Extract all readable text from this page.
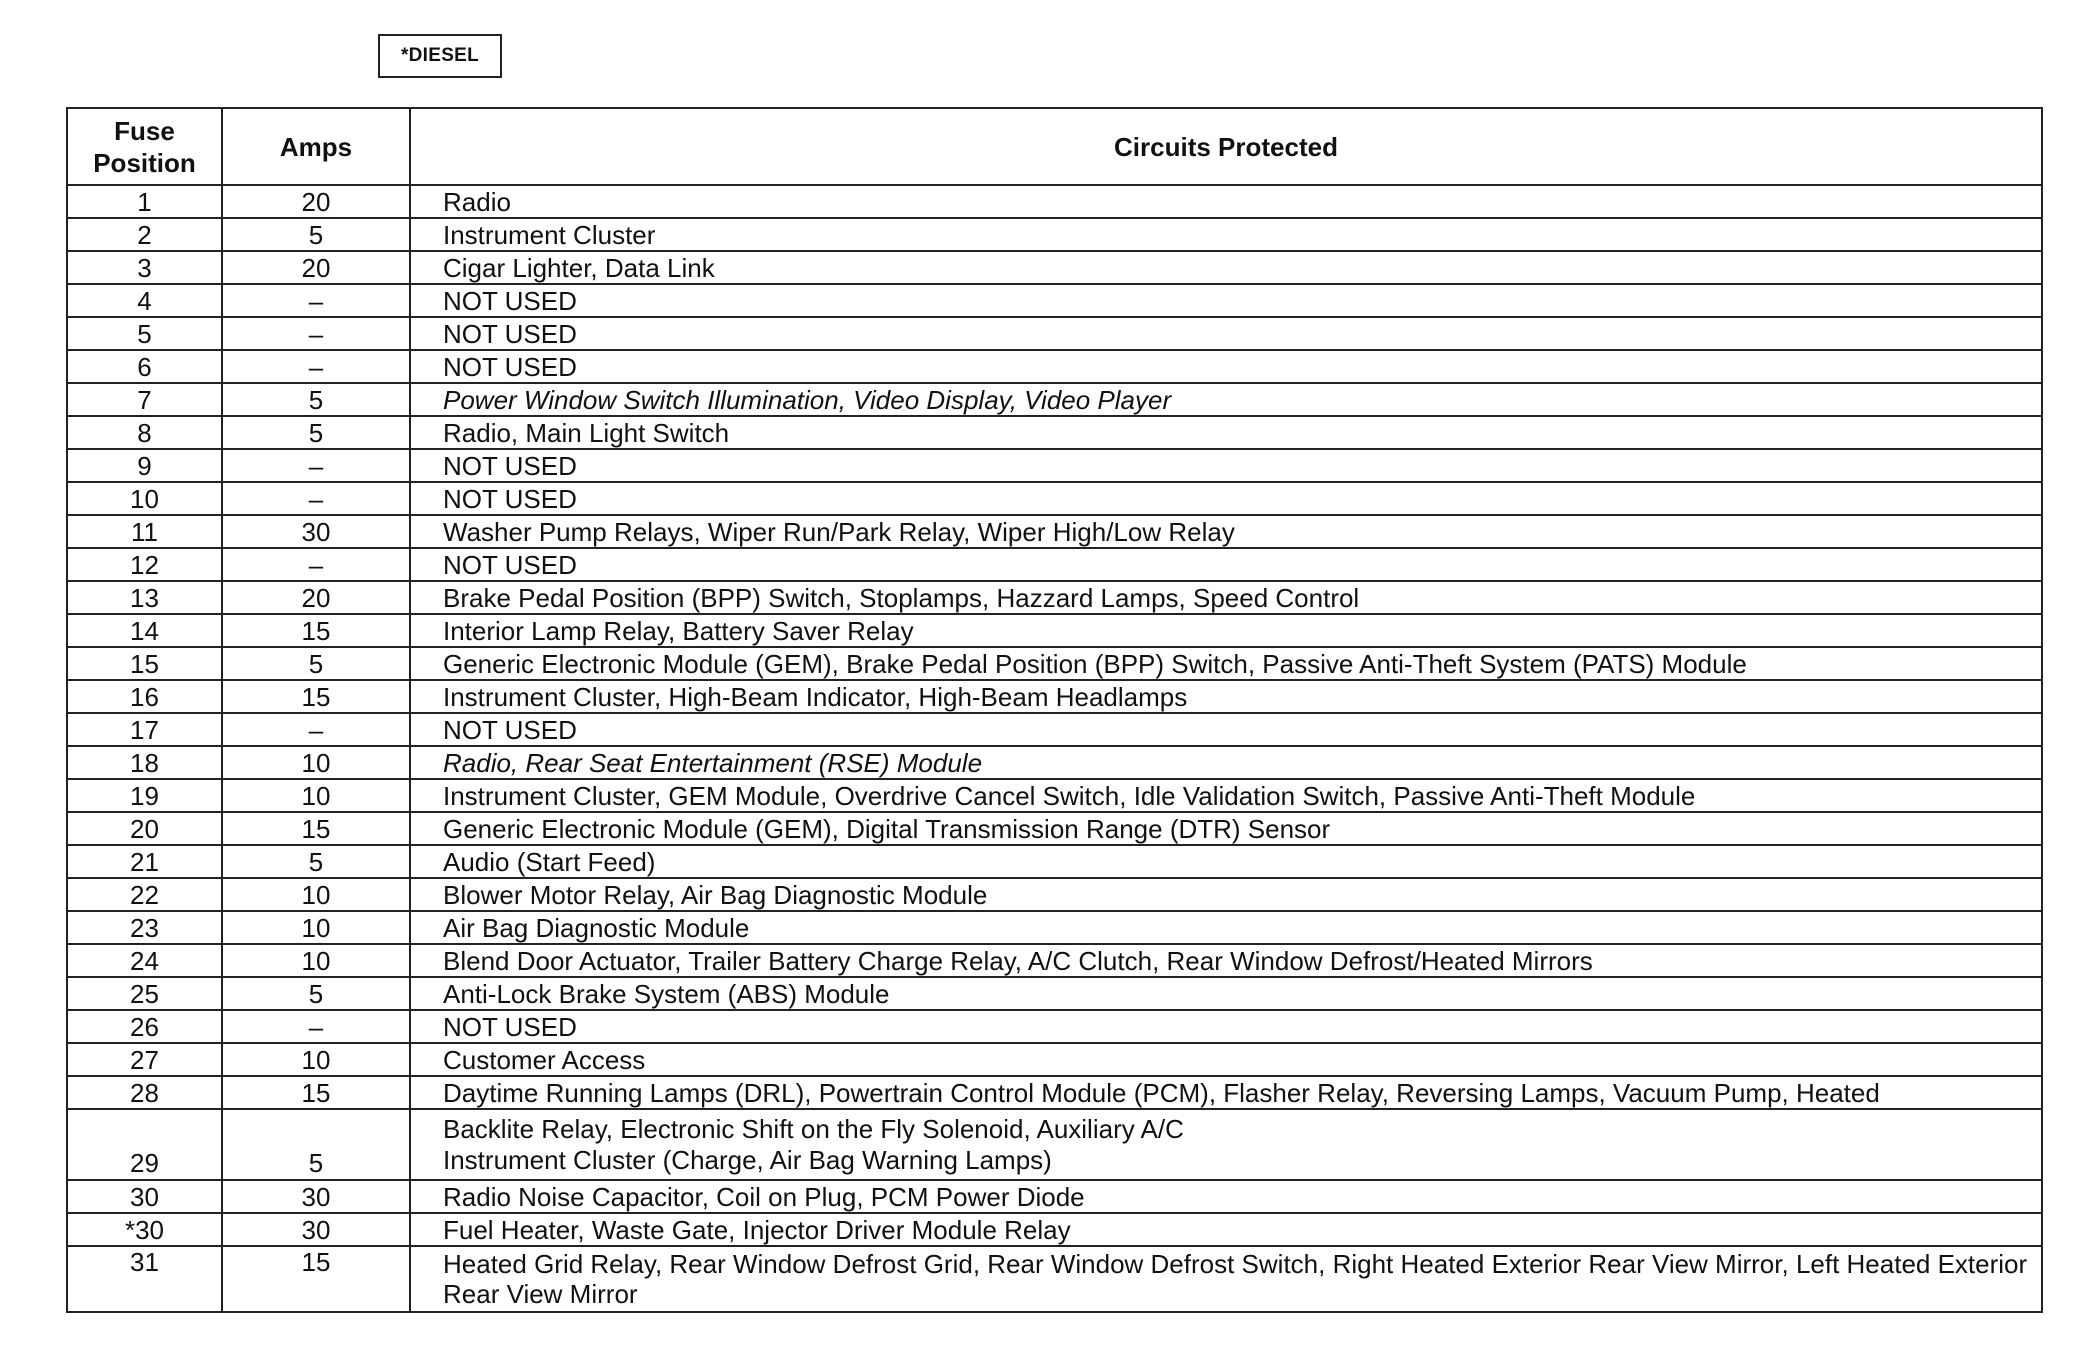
*DIESEL
Fuse Position	Amps	Circuits Protected
1	20	Radio
2	5	Instrument Cluster
3	20	Cigar Lighter, Data Link
4	–	NOT USED
5	–	NOT USED
6	–	NOT USED
7	5	Power Window Switch Illumination, Video Display, Video Player
8	5	Radio, Main Light Switch
9	–	NOT USED
10	–	NOT USED
11	30	Washer Pump Relays, Wiper Run/Park Relay, Wiper High/Low Relay
12	–	NOT USED
13	20	Brake Pedal Position (BPP) Switch, Stoplamps, Hazzard Lamps, Speed Control
14	15	Interior Lamp Relay, Battery Saver Relay
15	5	Generic Electronic Module (GEM), Brake Pedal Position (BPP) Switch, Passive Anti-Theft System (PATS) Module
16	15	Instrument Cluster, High-Beam Indicator, High-Beam Headlamps
17	–	NOT USED
18	10	Radio, Rear Seat Entertainment (RSE) Module
19	10	Instrument Cluster, GEM Module, Overdrive Cancel Switch, Idle Validation Switch, Passive Anti-Theft Module
20	15	Generic Electronic Module (GEM), Digital Transmission Range (DTR) Sensor
21	5	Audio (Start Feed)
22	10	Blower Motor Relay, Air Bag Diagnostic Module
23	10	Air Bag Diagnostic Module
24	10	Blend Door Actuator, Trailer Battery Charge Relay, A/C Clutch, Rear Window Defrost/Heated Mirrors
25	5	Anti-Lock Brake System (ABS) Module
26	–	NOT USED
27	10	Customer Access
28	15	Daytime Running Lamps (DRL), Powertrain Control Module (PCM), Flasher Relay, Reversing Lamps, Vacuum Pump, Heated
29	5	Backlite Relay, Electronic Shift on the Fly Solenoid, Auxiliary A/C
Instrument Cluster (Charge, Air Bag Warning Lamps)

30	30	Radio Noise Capacitor, Coil on Plug, PCM Power Diode
*30	30	Fuel Heater, Waste Gate, Injector Driver Module Relay
31	15	Heated Grid Relay, Rear Window Defrost Grid, Rear Window Defrost Switch, Right Heated Exterior Rear View Mirror, Left Heated Exterior Rear View Mirror
